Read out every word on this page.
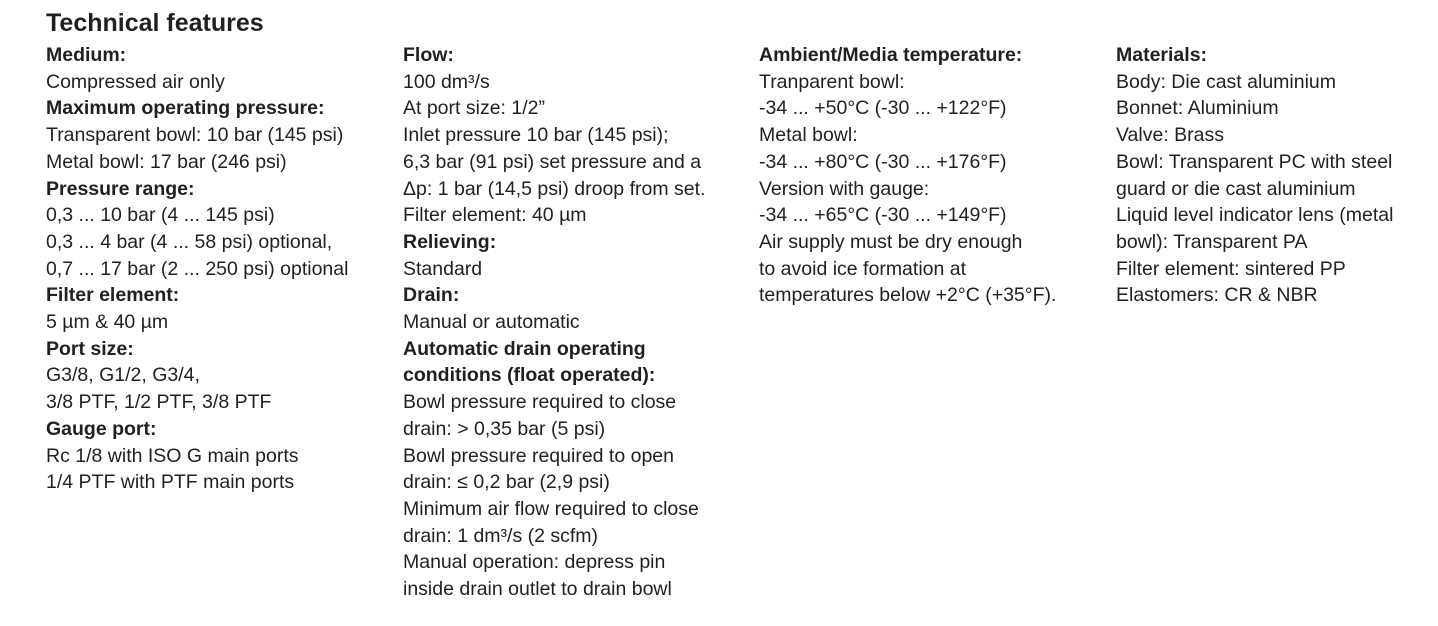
Technical features
Medium:
Compressed air only
Maximum operating pressure:
Transparent bowl: 10 bar (145 psi)
Metal bowl: 17 bar (246 psi)
Pressure range:
0,3 ... 10 bar (4 ... 145 psi)
0,3 ... 4 bar (4 ... 58 psi) optional,
0,7 ... 17 bar (2 ... 250 psi) optional
Filter element:
5 µm & 40 µm
Port size:
G3/8, G1/2, G3/4,
3/8 PTF, 1/2 PTF, 3/8 PTF
Gauge port:
Rc 1/8 with ISO G main ports
1/4 PTF with PTF main ports
Flow:
100 dm³/s
At port size: 1/2”
Inlet pressure 10 bar (145 psi);
6,3 bar (91 psi) set pressure and a
Δp: 1 bar (14,5 psi) droop from set.
Filter element: 40 µm
Relieving:
Standard
Drain:
Manual or automatic
Automatic drain operating
conditions (float operated):
Bowl pressure required to close
drain: > 0,35 bar (5 psi)
Bowl pressure required to open
drain: ≤ 0,2 bar (2,9 psi)
Minimum air flow required to close
drain: 1 dm³/s (2 scfm)
Manual operation: depress pin
inside drain outlet to drain bowl
Ambient/Media temperature:
Tranparent bowl:
-34 ... +50°C (-30 ... +122°F)
Metal bowl:
-34 ... +80°C (-30 ... +176°F)
Version with gauge:
-34 ... +65°C (-30 ... +149°F)
Air supply must be dry enough
to avoid ice formation at
temperatures below +2°C (+35°F).
Materials:
Body: Die cast aluminium
Bonnet: Aluminium
Valve: Brass
Bowl: Transparent PC with steel
guard or die cast aluminium
Liquid level indicator lens (metal
bowl): Transparent PA
Filter element: sintered PP
Elastomers: CR & NBR
